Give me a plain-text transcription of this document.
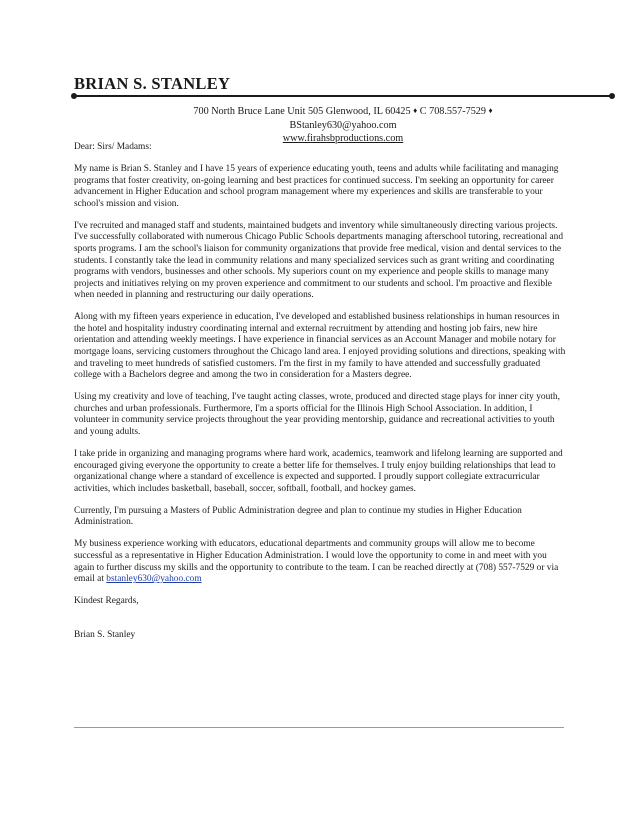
BRIAN S. STANLEY
700 North Bruce Lane Unit 505 Glenwood, IL 60425 ♦ C 708.557-7529 ♦
BStanley630@yahoo.com
www.firahsbproductions.com

Dear: Sirs/ Madams:

My name is Brian S. Stanley and I have 15 years of experience educating youth, teens and adults while facilitating and managing programs that foster creativity, on-going learning and best practices for continued success. I'm seeking an opportunity for career advancement in Higher Education and school program management where my experiences and skills are transferable to your school's mission and vision.

I've recruited and managed staff and students, maintained budgets and inventory while simultaneously directing various projects. I've successfully collaborated with numerous Chicago Public Schools departments managing afterschool tutoring, recreational and sports programs. I am the school's liaison for community organizations that provide free medical, vision and dental services to the students. I constantly take the lead in community relations and many specialized services such as grant writing and coordinating programs with vendors, businesses and other schools. My superiors count on my experience and people skills to manage many projects and initiatives relying on my proven experience and commitment to our students and school. I'm proactive and flexible when needed in planning and restructuring our daily operations.

Along with my fifteen years experience in education, I've developed and established business relationships in human resources in the hotel and hospitality industry coordinating internal and external recruitment by attending and hosting job fairs, new hire orientation and attending weekly meetings. I have experience in financial services as an Account Manager and mobile notary for mortgage loans, servicing customers throughout the Chicago land area. I enjoyed providing solutions and directions, speaking with and traveling to meet hundreds of satisfied customers. I'm the first in my family to have attended and successfully graduated college with a Bachelors degree and among the two in consideration for a Masters degree.

Using my creativity and love of teaching, I've taught acting classes, wrote, produced and directed stage plays for inner city youth, churches and urban professionals. Furthermore, I'm a sports official for the Illinois High School Association. In addition, I volunteer in community service projects throughout the year providing mentorship, guidance and recreational activities to youth and young adults.

I take pride in organizing and managing programs where hard work, academics, teamwork and lifelong learning are supported and encouraged giving everyone the opportunity to create a better life for themselves. I truly enjoy building relationships that lead to organizational change where a standard of excellence is expected and supported. I proudly support collegiate extracurricular activities, which includes basketball, baseball, soccer, softball, football, and hockey games.

Currently, I'm pursuing a Masters of Public Administration degree and plan to continue my studies in Higher Education Administration.

My business experience working with educators, educational departments and community groups will allow me to become successful as a representative in Higher Education Administration. I would love the opportunity to come in and meet with you again to further discuss my skills and the opportunity to contribute to the team. I can be reached directly at (708) 557-7529 or via email at bstanley630@yahoo.com

Kindest Regards,

Brian S. Stanley
